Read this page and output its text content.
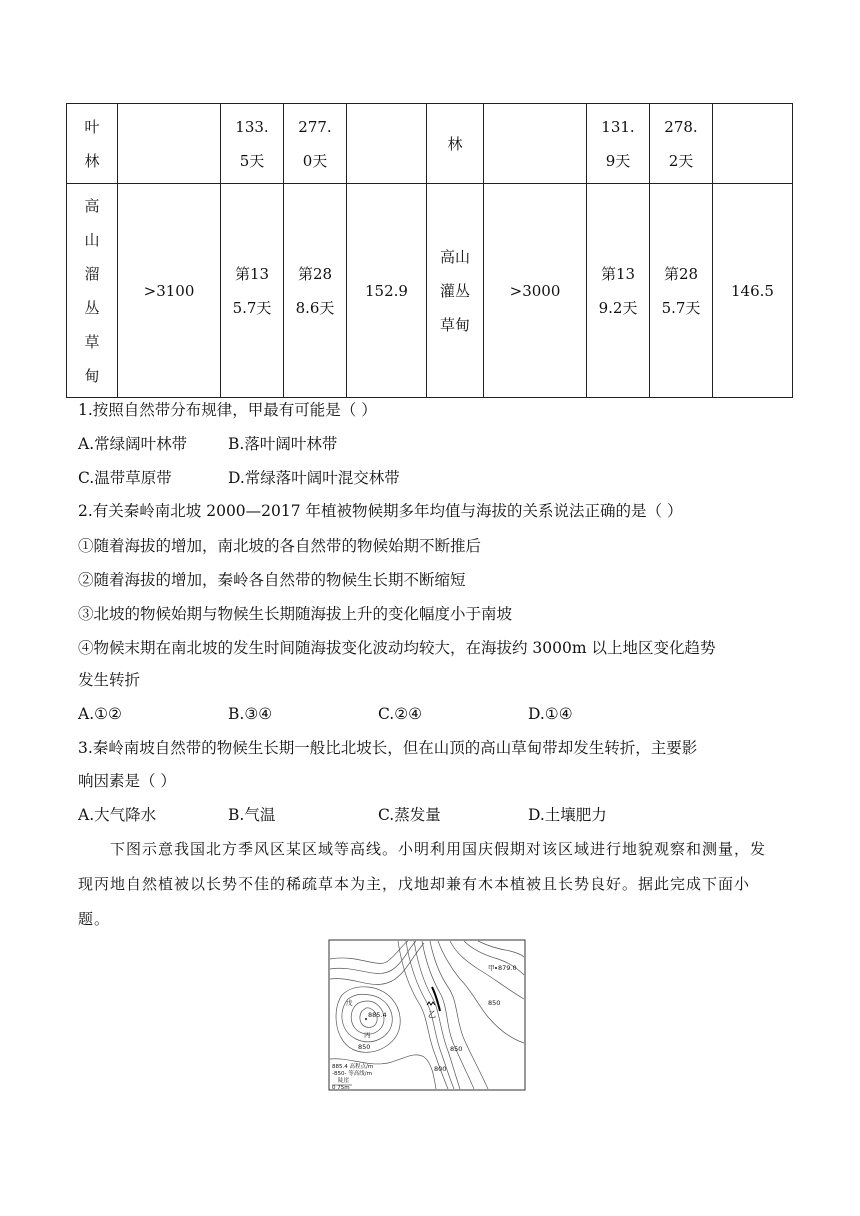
叶林		133.5天	277.0天		林		131.9天	278.2天	
高山溜丛草甸	>3100	第135.7天	第288.6天	152.9	高山灌丛草甸	>3000	第139.2天	第285.7天	146.5
1.按照自然带分布规律，甲最有可能是（ ）
A.常绿阔叶林带	B.落叶阔叶林带
C.温带草原带	D.常绿落叶阔叶混交林带
2.有关秦岭南北坡 2000—2017 年植被物候期多年均值与海拔的关系说法正确的是（ ）
①随着海拔的增加，南北坡的各自然带的物候始期不断推后
②随着海拔的增加，秦岭各自然带的物候生长期不断缩短
③北坡的物候始期与物候生长期随海拔上升的变化幅度小于南坡
④物候末期在南北坡的发生时间随海拔变化波动均较大，在海拔约 3000m 以上地区变化趋势
发生转折
A.①②	B.③④	C.②④	D.①④
3.秦岭南坡自然带的物候生长期一般比北坡长，但在山顶的高山草甸带却发生转折，主要影
响因素是（ ）
A.大气降水	B.气温	C.蒸发量	D.土壤肥力
下图示意我国北方季风区某区域等高线。小明利用国庆假期对该区域进行地貌观察和测量，发现丙地自然植被以长势不佳的稀疏草本为主，戊地却兼有木本植被且长势良好。据此完成下面小题。
甲 879.0
戊
885.4
丙
乙
850
850
850
800
885.4 高程点/m
-850- 等高线/m
陡崖
0 75m
